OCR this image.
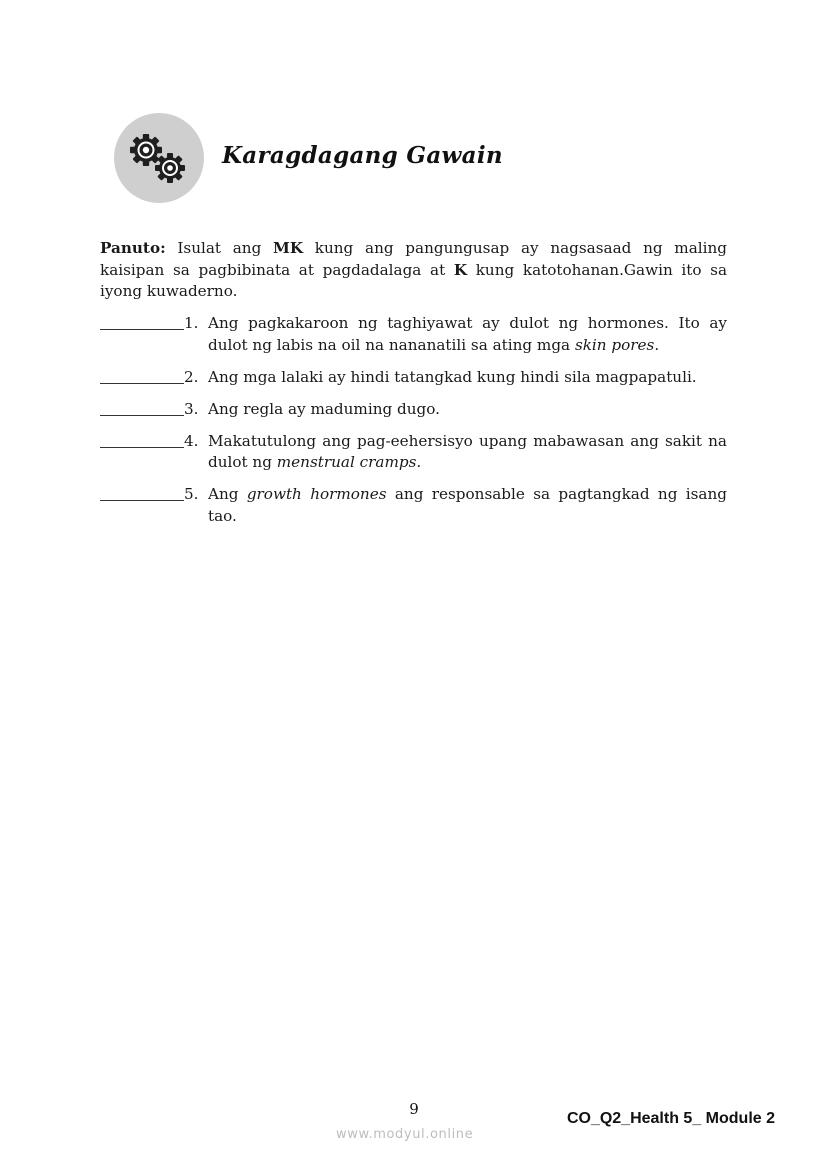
Karagdagang Gawain

Panuto: Isulat ang MK kung ang pangungusap ay nagsasaad ng maling kaisipan sa pagbibinata at pagdadalaga at K kung katotohanan.Gawin ito sa iyong kuwaderno.

1. Ang pagkakaroon ng taghiyawat ay dulot ng hormones. Ito ay dulot ng labis na oil na nananatili sa ating mga skin pores.
2. Ang mga lalaki ay hindi tatangkad kung hindi sila magpapatuli.
3. Ang regla ay maduming dugo.
4. Makatutulong ang pag-eehersisyo upang mabawasan ang sakit na dulot ng menstrual cramps.
5. Ang growth hormones ang responsable sa pagtangkad ng isang tao.
9
CO_Q2_Health 5_ Module 2
www.modyul.online
